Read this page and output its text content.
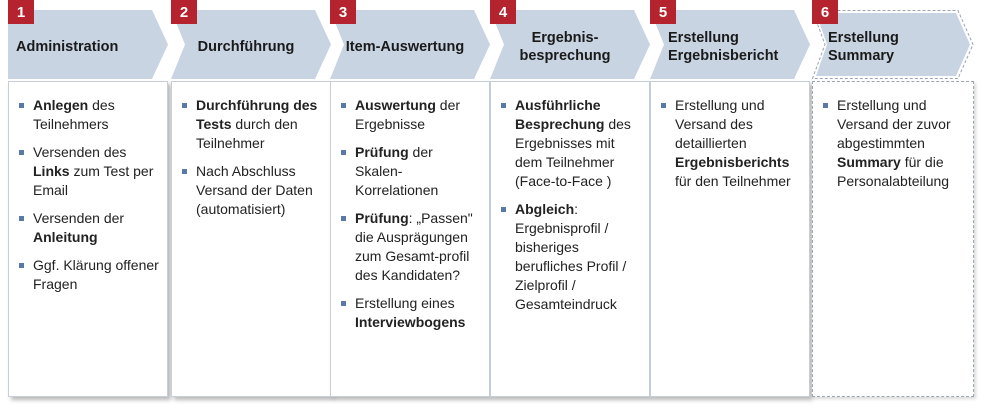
1
Administration
Anlegen des Teilnehmers
Versenden des Links zum Test per Email
Versenden der Anleitung
Ggf. Klärung offener Fragen
2
Durchführung
Durchführung des Tests durch den Teilnehmer
Nach Abschluss Versand der Daten (automatisiert)
3
Item-Auswertung
Auswertung der Ergebnisse
Prüfung der Skalen-Korrelationen
Prüfung: „Passen" die Ausprägungen zum Gesamt-profil des Kandidaten?
Erstellung eines Interviewbogens
4
Ergebnis-besprechung
Ausführliche Besprechung des Ergebnisses mit dem Teilnehmer (Face-to-Face )
Abgleich: Ergebnisprofil / bisheriges berufliches Profil / Zielprofil / Gesamteindruck
5
Erstellung Ergebnisbericht
Erstellung und Versand des detaillierten Ergebnisberichts für den Teilnehmer
6
Erstellung Summary
Erstellung und Versand der zuvor abgestimmten Summary für die Personalabteilung
